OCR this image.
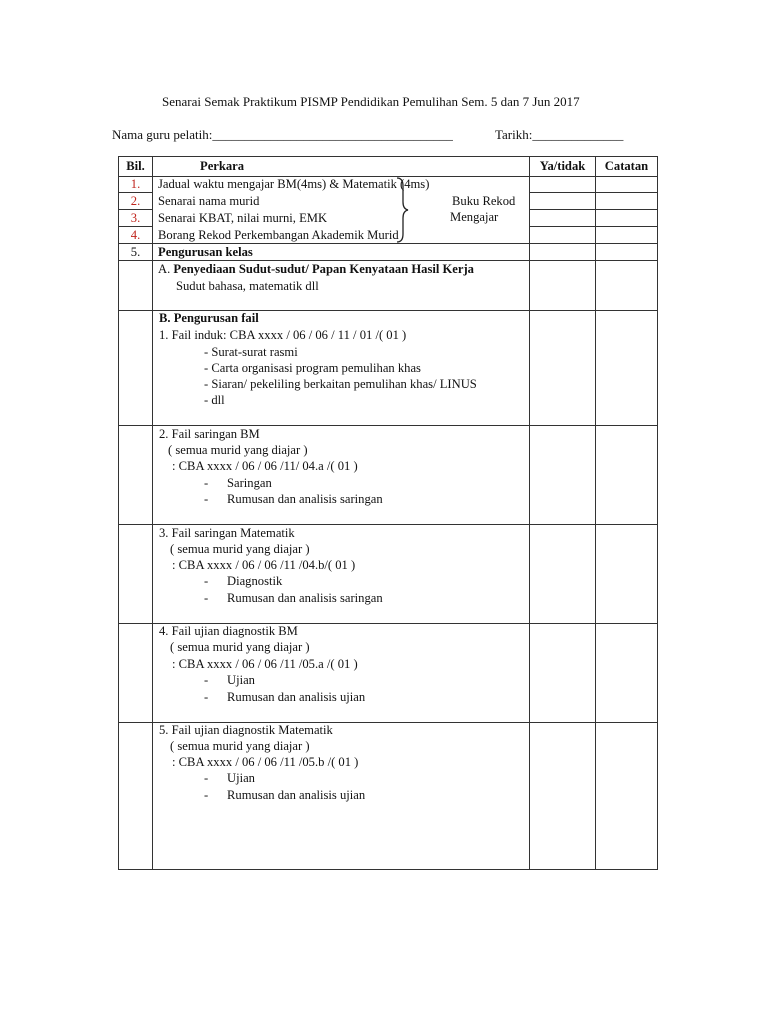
Senarai Semak Praktikum PISMP Pendidikan Pemulihan Sem. 5 dan 7 Jun 2017
Nama guru pelatih:_____________________________________	Tarikh:______________
Bil.	Perkara	Ya/tidak	Catatan
1.	Jadual waktu mengajar BM(4ms) & Matematik (4ms)
2.	Senarai nama murid
3.	Senarai KBAT, nilai murni, EMK
4.	Borang Rekod Perkembangan Akademik Murid
Buku Rekod
Mengajar
5.	Pengurusan kelas
A. Penyediaan Sudut-sudut/ Papan Kenyataan Hasil Kerja
Sudut bahasa, matematik dll
B. Pengurusan fail
1. Fail induk: CBA xxxx / 06 / 06 / 11 / 01 /( 01 )
- Surat-surat rasmi
- Carta organisasi program pemulihan khas
- Siaran/ pekeliling berkaitan pemulihan khas/ LINUS
- dll
2. Fail saringan BM
( semua murid yang diajar )
: CBA xxxx / 06 / 06 /11/ 04.a /( 01 )
- Saringan
- Rumusan dan analisis saringan
3. Fail saringan Matematik
( semua murid yang diajar )
: CBA xxxx / 06 / 06 /11 /04.b/( 01 )
- Diagnostik
- Rumusan dan analisis saringan
4. Fail ujian diagnostik BM
( semua murid yang diajar )
: CBA xxxx / 06 / 06 /11 /05.a /( 01 )
- Ujian
- Rumusan dan analisis ujian
5. Fail ujian diagnostik Matematik
( semua murid yang diajar )
: CBA xxxx / 06 / 06 /11 /05.b /( 01 )
- Ujian
- Rumusan dan analisis ujian
